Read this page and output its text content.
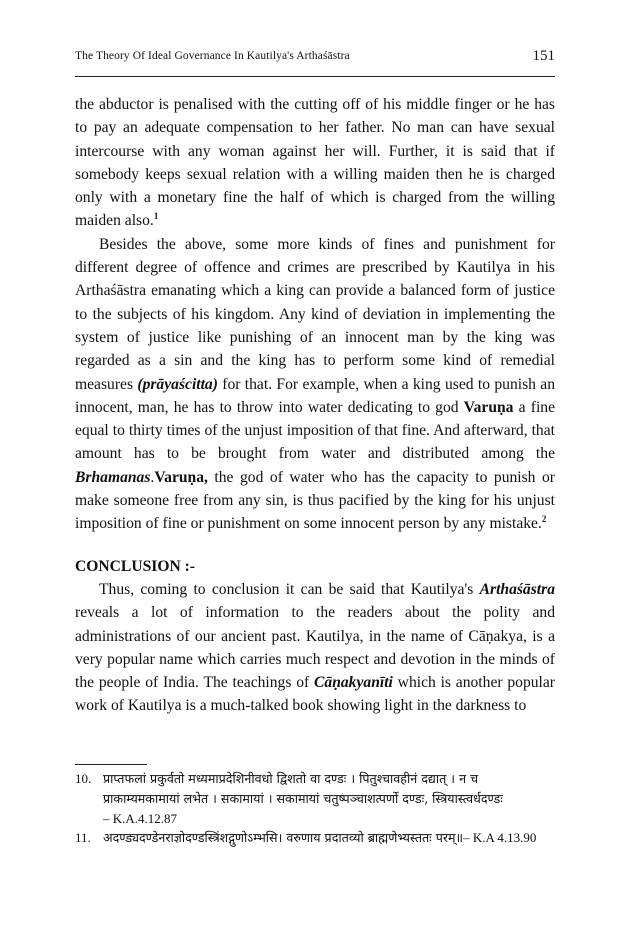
The Theory Of Ideal Governance In Kautilya's Arthaśāstra	151

the abductor is penalised with the cutting off of his middle finger or he has to pay an adequate compensation to her father. No man can have sexual intercourse with any woman against her will. Further, it is said that if somebody keeps sexual relation with a willing maiden then he is charged only with a monetary fine the half of which is charged from the willing maiden also.$^1$

Besides the above, some more kinds of fines and punishment for different degree of offence and crimes are prescribed by Kautilya in his Arthaśāstra emanating which a king can provide a balanced form of justice to the subjects of his kingdom. Any kind of deviation in implementing the system of justice like punishing of an innocent man by the king was regarded as a sin and the king has to perform some kind of remedial measures (prāyaścitta) for that. For example, when a king used to punish an innocent, man, he has to throw into water dedicating to god Varuṇa a fine equal to thirty times of the unjust imposition of that fine. And afterward, that amount has to be brought from water and distributed among the Brhamanas.Varuṇa, the god of water who has the capacity to punish or make someone free from any sin, is thus pacified by the king for his unjust imposition of fine or punishment on some innocent person by any mistake.$^2$

CONCLUSION :-

Thus, coming to conclusion it can be said that Kautilya's Arthaśāstra reveals a lot of information to the readers about the polity and administrations of our ancient past. Kautilya, in the name of Cāṇakya, is a very popular name which carries much respect and devotion in the minds of the people of India. The teachings of Cāṇakyanīti which is another popular work of Kautilya is a much-talked book showing light in the darkness to

10. प्राप्तफलां प्रकुर्वतो मध्यमाप्रदेशिनीवधो द्विशतो वा दण्डः । पितुश्चावहीनं दद्यात् । न च प्राकाम्यमकामायां लभेत । सकामायां । सकामायां चतुष्पञ्चाशत्पर्णो दण्डः, स्त्रियास्त्वर्धदण्डः
– K.A.4.12.87
11. अदण्ड्यदण्डेनराज्ञोदण्डस्त्रिंशद्गुणोऽम्भसि। वरुणाय प्रदातव्यो ब्राह्मणेभ्यस्ततः परम्॥– K.A 4.13.90
